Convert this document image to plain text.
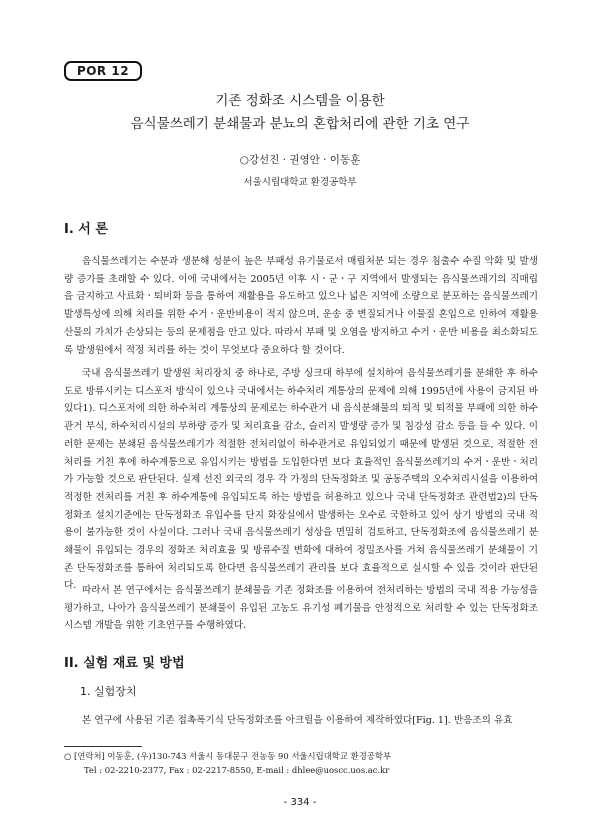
POR 12
기존 정화조 시스템을 이용한
음식물쓰레기 분쇄물과 분뇨의 혼합처리에 관한 기초 연구
○강선진 · 권영안 · 이동훈
서울시립대학교 환경공학부
I. 서 론

음식물쓰레기는 수분과 생분해 성분이 높은 부패성 유기물로서 매립처분 되는 경우 침출수 수질 악화 및 발생량 증가를 초래할 수 있다. 이에 국내에서는 2005년 이후 시ㆍ군ㆍ구 지역에서 발생되는 음식물쓰레기의 직매립을 금지하고 사료화ㆍ퇴비화 등을 통하여 재활용을 유도하고 있으나 넓은 지역에 소량으로 분포하는 음식물쓰레기 발생특성에 의해 처리를 위한 수거ㆍ운반비용이 적지 않으며, 운송 중 변질되거나 이물질 혼입으로 인하여 재활용 산물의 가치가 손상되는 등의 문제점을 안고 있다. 따라서 부패 및 오염을 방지하고 수거ㆍ운반 비용을 최소화되도록 발생원에서 적정 처리를 하는 것이 무엇보다 중요하다 할 것이다.

국내 음식물쓰레기 발생원 처리장치 중 하나로, 주방 싱크대 하부에 설치하여 음식물쓰레기를 분쇄한 후 하수도로 방류시키는 디스포저 방식이 있으나 국내에서는 하수처리 계통상의 문제에 의해 1995년에 사용이 금지된 바 있다1). 디스포저에 의한 하수처리 계통상의 문제로는 하수관거 내 음식분쇄물의 퇴적 및 퇴적물 부패에 의한 하수관거 부식, 하수처리시설의 부하량 증가 및 처리효율 감소, 슬러지 발생량 증가 및 침강성 감소 등을 들 수 있다. 이러한 문제는 분쇄된 음식물쓰레기가 적절한 전처리없이 하수관거로 유입되었기 때문에 발생된 것으로, 적절한 전처리를 거친 후에 하수계통으로 유입시키는 방법을 도입한다면 보다 효율적인 음식물쓰레기의 수거ㆍ운반ㆍ처리가 가능할 것으로 판단된다. 실제 선진 외국의 경우 각 가정의 단독정화조 및 공동주택의 오수처리시설을 이용하여 적정한 전처리를 거친 후 하수계통에 유입되도록 하는 방법을 허용하고 있으나 국내 단독정화조 관련법2)의 단독정화조 설치기준에는 단독정화조 유입수를 단지 화장실에서 발생하는 오수로 국한하고 있어 상기 방법의 국내 적용이 불가능한 것이 사실이다. 그러나 국내 음식물쓰레기 성상을 면밀히 검토하고, 단독정화조에 음식물쓰레기 분쇄물이 유입되는 경우의 정화조 처리효율 및 방류수질 변화에 대하여 정밀조사를 거쳐 음식물쓰레기 분쇄물이 기존 단독정화조를 통하여 처리되도록 한다면 음식물쓰레기 관리를 보다 효율적으로 실시할 수 있을 것이라 판단된다. 따라서 본 연구에서는 음식물쓰레기 분쇄물을 기존 정화조를 이용하여 전처리하는 방법의 국내 적용 가능성을 평가하고, 나아가 음식물쓰레기 분쇄물이 유입된 고농도 유기성 폐기물을 안정적으로 처리할 수 있는 단독정화조 시스템 개발을 위한 기초연구를 수행하였다.

II. 실험 재료 및 방법
1. 실험장치

본 연구에 사용된 기존 접촉폭기식 단독정화조를 아크릴을 이용하여 제작하였다[Fig. 1]. 반응조의 유효

○ [연락처] 이동훈, (우)130-743 서울시 동대문구 전농동 90 서울시립대학교 환경공학부
Tel : 02-2210-2377, Fax : 02-2217-8550, E-mail : dhlee@uoscc.uos.ac.kr
- 334 -
